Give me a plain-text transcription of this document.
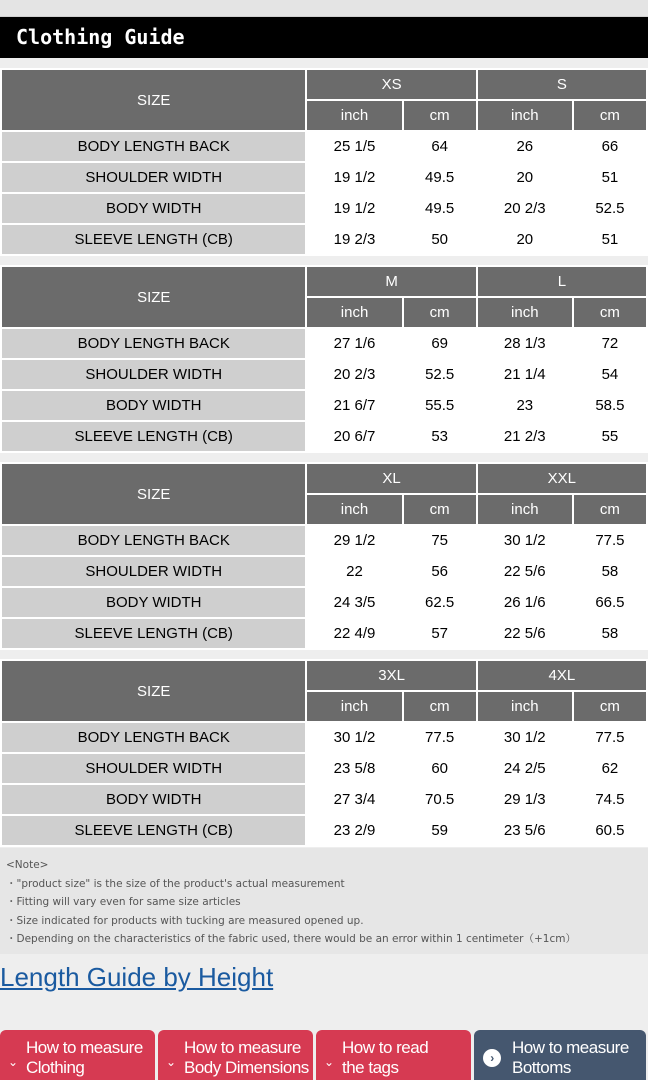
Clothing Guide
SIZE	XS		S	
	inch	cm	inch	cm
BODY LENGTH BACK	25 1/5	64	26	66
SHOULDER WIDTH	19 1/2	49.5	20	51
BODY WIDTH	19 1/2	49.5	20 2/3	52.5
SLEEVE LENGTH (CB)	19 2/3	50	20	51
SIZE	M		L	
	inch	cm	inch	cm
BODY LENGTH BACK	27 1/6	69	28 1/3	72
SHOULDER WIDTH	20 2/3	52.5	21 1/4	54
BODY WIDTH	21 6/7	55.5	23	58.5
SLEEVE LENGTH (CB)	20 6/7	53	21 2/3	55
SIZE	XL		XXL	
	inch	cm	inch	cm
BODY LENGTH BACK	29 1/2	75	30 1/2	77.5
SHOULDER WIDTH	22	56	22 5/6	58
BODY WIDTH	24 3/5	62.5	26 1/6	66.5
SLEEVE LENGTH (CB)	22 4/9	57	22 5/6	58
SIZE	3XL		4XL	
	inch	cm	inch	cm
BODY LENGTH BACK	30 1/2	77.5	30 1/2	77.5
SHOULDER WIDTH	23 5/8	60	24 2/5	62
BODY WIDTH	27 3/4	70.5	29 1/3	74.5
SLEEVE LENGTH (CB)	23 2/9	59	23 5/6	60.5
<Note>
・"product size" is the size of the product's actual measurement
・Fitting will vary even for same size articles
・Size indicated for products with tucking are measured opened up.
・Depending on the characteristics of the fabric used, there would be an error within 1 centimeter（+1cm）
Length Guide by Height
⌄
How to measure
Clothing	⌄
How to measure
Body Dimensions	⌄
How to read
the tags	›
How to measure
Bottoms
